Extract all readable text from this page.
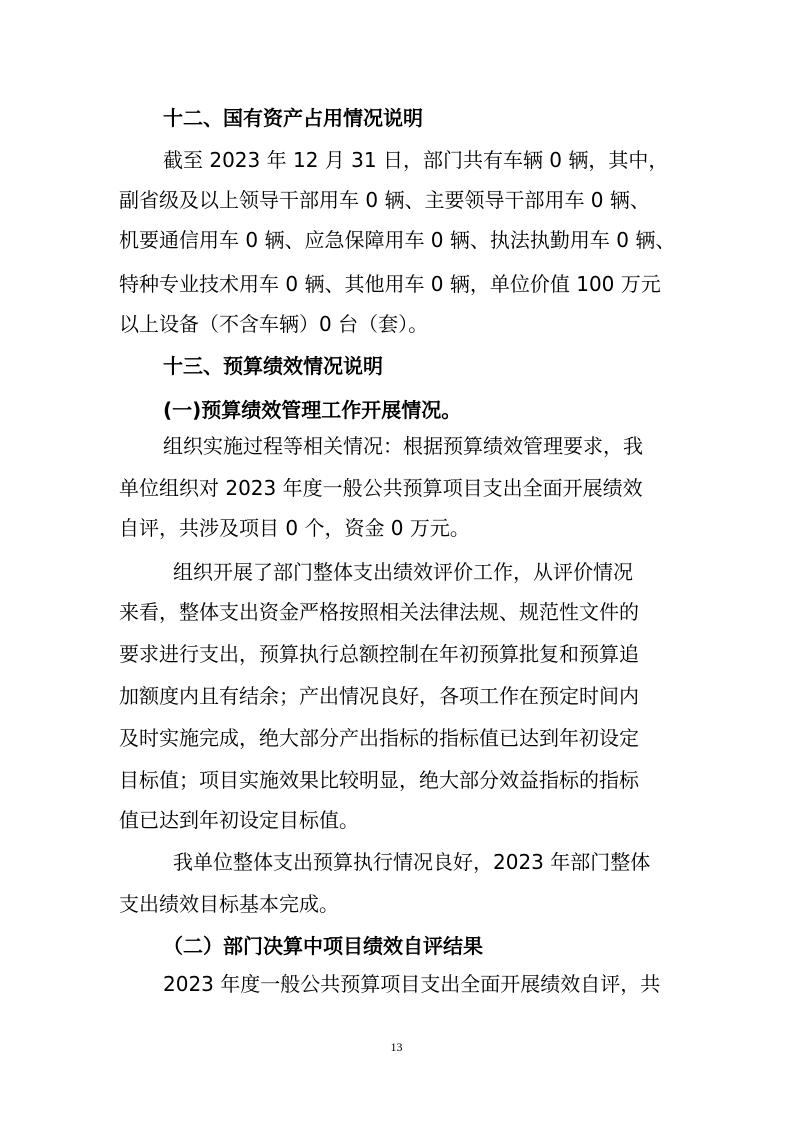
十二、国有资产占用情况说明
截至 2023 年 12 月 31 日，部门共有车辆 0 辆，其中，
副省级及以上领导干部用车 0 辆、主要领导干部用车 0 辆、
机要通信用车 0 辆、应急保障用车 0 辆、执法执勤用车 0 辆、
特种专业技术用车 0 辆、其他用车 0 辆，单位价值 100 万元
以上设备（不含车辆）0 台（套）。
十三、预算绩效情况说明
(一)预算绩效管理工作开展情况。
组织实施过程等相关情况：根据预算绩效管理要求，我
单位组织对 2023 年度一般公共预算项目支出全面开展绩效
自评，共涉及项目 0 个，资金 0 万元。
组织开展了部门整体支出绩效评价工作，从评价情况
来看，整体支出资金严格按照相关法律法规、规范性文件的
要求进行支出，预算执行总额控制在年初预算批复和预算追
加额度内且有结余；产出情况良好，各项工作在预定时间内
及时实施完成，绝大部分产出指标的指标值已达到年初设定
目标值；项目实施效果比较明显，绝大部分效益指标的指标
值已达到年初设定目标值。
我单位整体支出预算执行情况良好，2023 年部门整体
支出绩效目标基本完成。
（二）部门决算中项目绩效自评结果
2023 年度一般公共预算项目支出全面开展绩效自评，共
13
